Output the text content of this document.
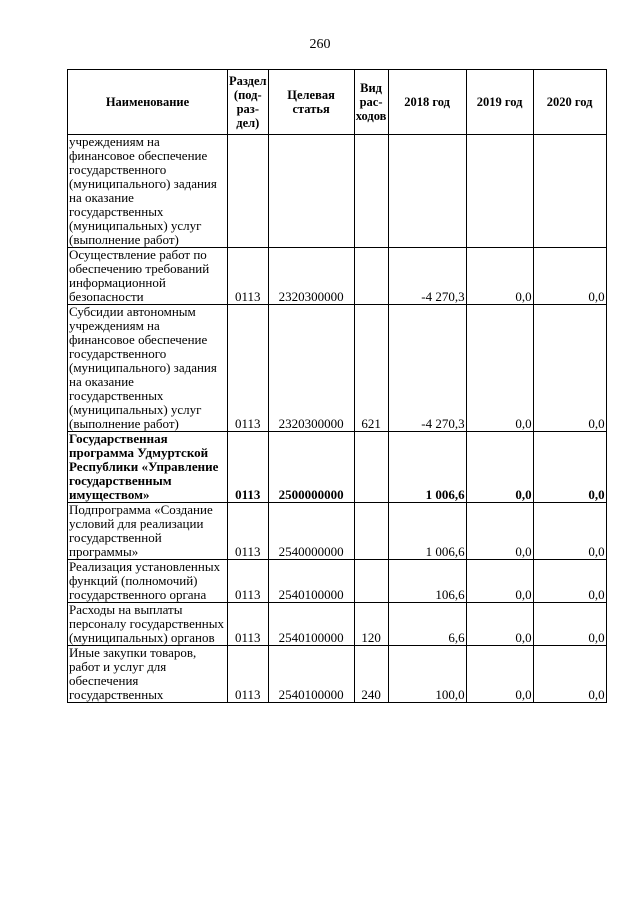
260
Наименование	Раздел (под-раз-дел)	Целевая статья	Вид рас-ходов	2018 год	2019 год	2020 год
учреждениям на финансовое обеспечение государственного (муниципального) задания на оказание государственных (муниципальных) услуг (выполнение работ)						
Осуществление работ по обеспечению требований информационной безопасности	0113	2320300000		-4 270,3	0,0	0,0
Субсидии автономным учреждениям на финансовое обеспечение государственного (муниципального) задания на оказание государственных (муниципальных) услуг (выполнение работ)	0113	2320300000	621	-4 270,3	0,0	0,0
Государственная программа Удмуртской Республики «Управление государственным имуществом»	0113	2500000000		1 006,6	0,0	0,0
Подпрограмма «Создание условий для реализации государственной программы»	0113	2540000000		1 006,6	0,0	0,0
Реализация установленных функций (полномочий) государственного органа	0113	2540100000		106,6	0,0	0,0
Расходы на выплаты персоналу государственных (муниципальных) органов	0113	2540100000	120	6,6	0,0	0,0
Иные закупки товаров, работ и услуг для обеспечения государственных	0113	2540100000	240	100,0	0,0	0,0
